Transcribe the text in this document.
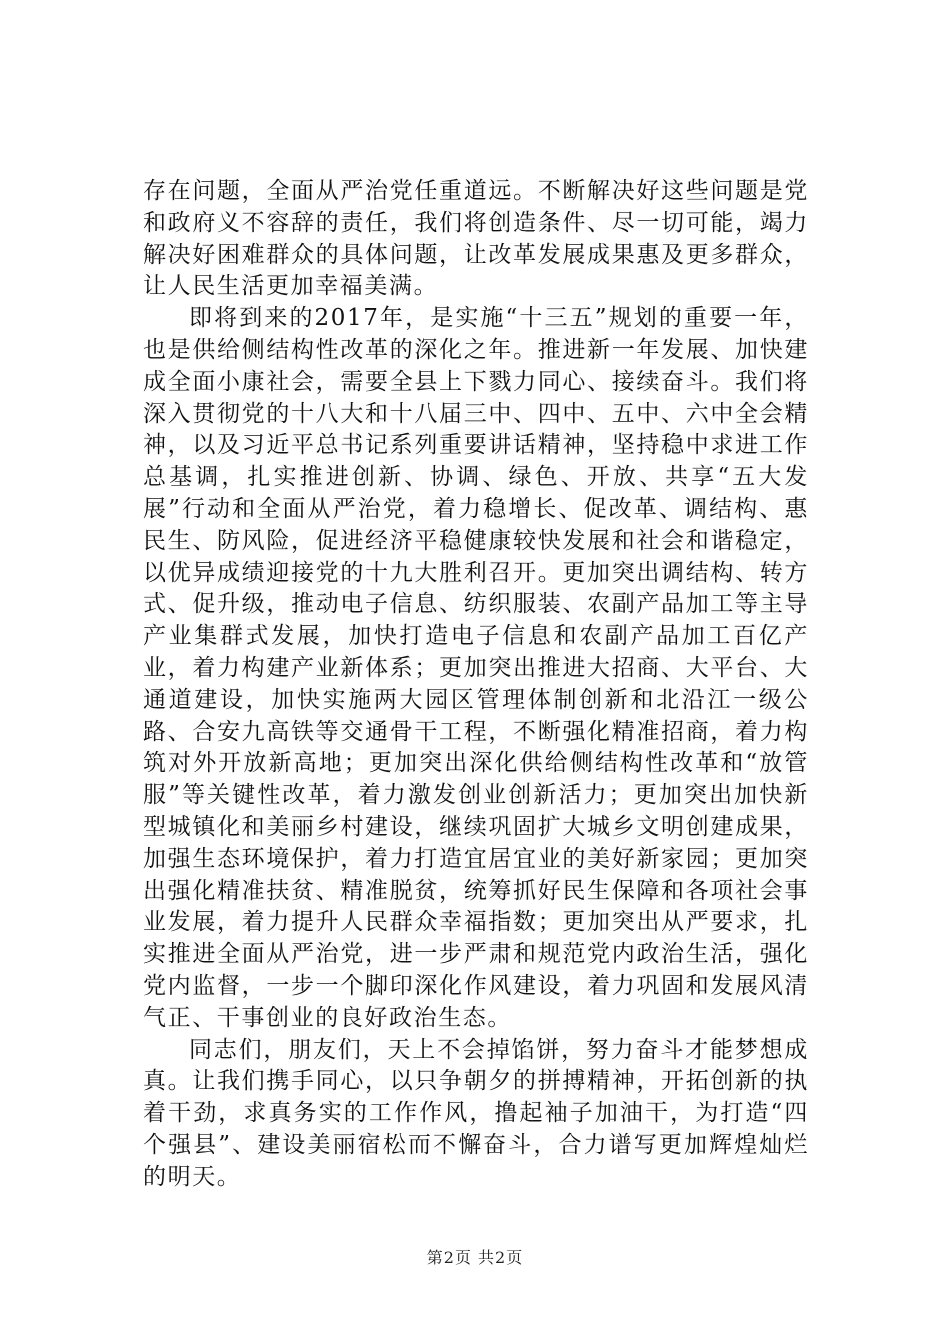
存在问题，全面从严治党任重道远。不断解决好这些问题是党和政府义不容辞的责任，我们将创造条件、尽一切可能，竭力解决好困难群众的具体问题，让改革发展成果惠及更多群众，让人民生活更加幸福美满。

即将到来的2017年，是实施“十三五”规划的重要一年，也是供给侧结构性改革的深化之年。推进新一年发展、加快建成全面小康社会，需要全县上下戮力同心、接续奋斗。我们将深入贯彻党的十八大和十八届三中、四中、五中、六中全会精神，以及习近平总书记系列重要讲话精神，坚持稳中求进工作总基调，扎实推进创新、协调、绿色、开放、共享“五大发展”行动和全面从严治党，着力稳增长、促改革、调结构、惠民生、防风险，促进经济平稳健康较快发展和社会和谐稳定，以优异成绩迎接党的十九大胜利召开。更加突出调结构、转方式、促升级，推动电子信息、纺织服装、农副产品加工等主导产业集群式发展，加快打造电子信息和农副产品加工百亿产业，着力构建产业新体系；更加突出推进大招商、大平台、大通道建设，加快实施两大园区管理体制创新和北沿江一级公路、合安九高铁等交通骨干工程，不断强化精准招商，着力构筑对外开放新高地；更加突出深化供给侧结构性改革和“放管服”等关键性改革，着力激发创业创新活力；更加突出加快新型城镇化和美丽乡村建设，继续巩固扩大城乡文明创建成果，加强生态环境保护，着力打造宜居宜业的美好新家园；更加突出强化精准扶贫、精准脱贫，统筹抓好民生保障和各项社会事业发展，着力提升人民群众幸福指数；更加突出从严要求，扎实推进全面从严治党，进一步严肃和规范党内政治生活，强化党内监督，一步一个脚印深化作风建设，着力巩固和发展风清气正、干事创业的良好政治生态。

同志们，朋友们，天上不会掉馅饼，努力奋斗才能梦想成真。让我们携手同心，以只争朝夕的拼搏精神，开拓创新的执着干劲，求真务实的工作作风，撸起袖子加油干，为打造“四个强县”、建设美丽宿松而不懈奋斗，合力谱写更加辉煌灿烂的明天。

第2页 共2页
